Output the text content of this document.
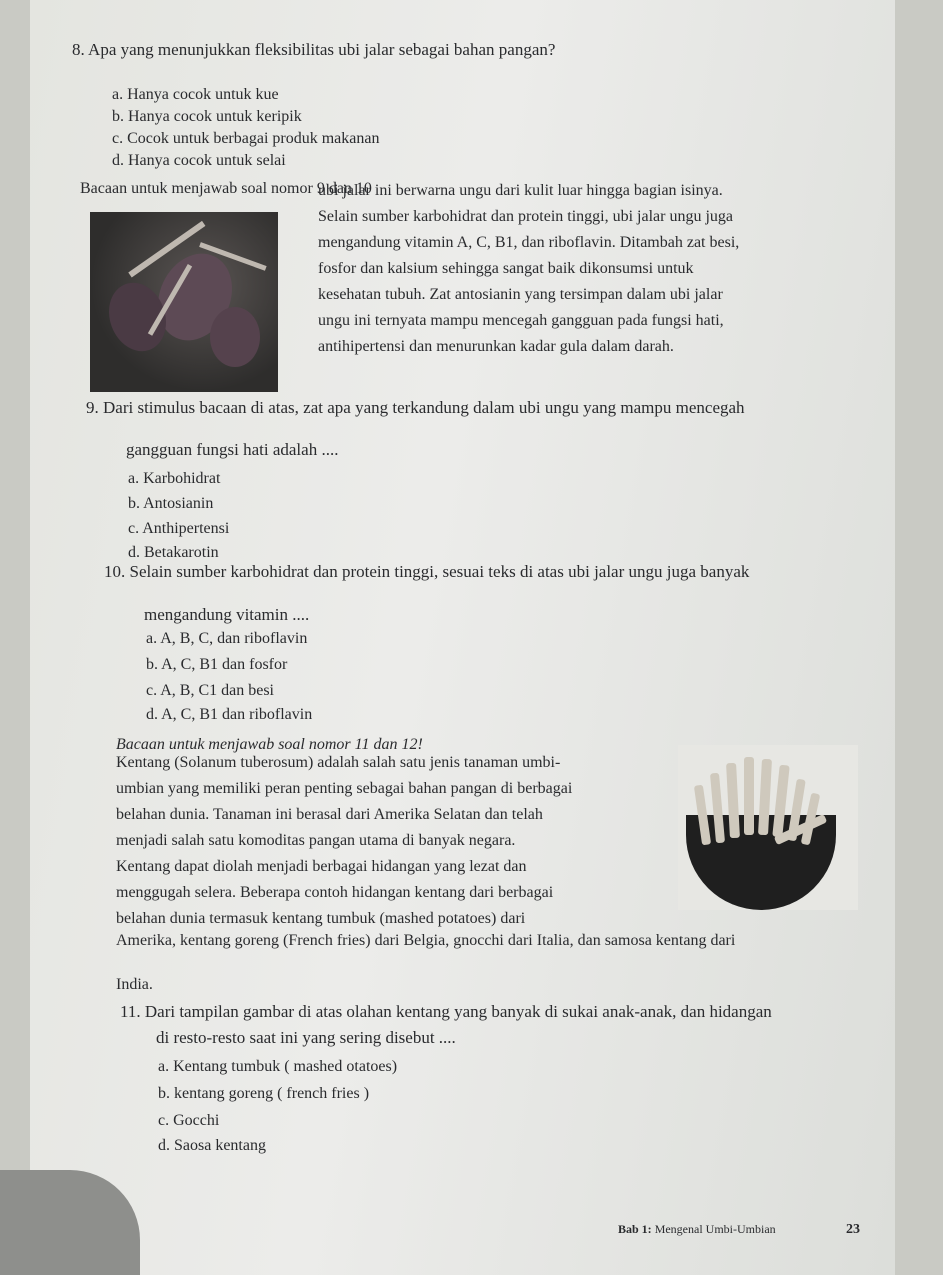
8. Apa yang menunjukkan fleksibilitas ubi jalar sebagai bahan pangan?
a. Hanya cocok untuk kue
b. Hanya cocok untuk keripik
c. Cocok untuk berbagai produk makanan
d. Hanya cocok untuk selai
Bacaan untuk menjawab soal nomor 9 dan 10
ubi jalar ini berwarna ungu dari kulit luar hingga bagian isinya.
Selain sumber karbohidrat dan protein tinggi, ubi jalar ungu juga
mengandung vitamin A, C, B1, dan riboflavin. Ditambah zat besi,
fosfor dan kalsium sehingga sangat baik dikonsumsi untuk
kesehatan tubuh. Zat antosianin yang tersimpan dalam ubi jalar
ungu ini ternyata mampu mencegah gangguan pada fungsi hati,
antihipertensi dan menurunkan kadar gula dalam darah.
9. Dari stimulus bacaan di atas, zat apa yang terkandung dalam ubi ungu yang mampu mencegah
gangguan fungsi hati adalah ....
a. Karbohidrat
b. Antosianin
c. Anthipertensi
d. Betakarotin
10. Selain sumber karbohidrat dan protein tinggi, sesuai teks di atas ubi jalar ungu juga banyak
mengandung vitamin ....
a. A, B, C, dan riboflavin
b. A, C, B1 dan fosfor
c. A, B, C1 dan besi
d. A, C, B1 dan riboflavin
Bacaan untuk menjawab soal nomor 11 dan 12!
Kentang (Solanum tuberosum) adalah salah satu jenis tanaman umbi-
umbian yang memiliki peran penting sebagai bahan pangan di berbagai
belahan dunia. Tanaman ini berasal dari Amerika Selatan dan telah
menjadi salah satu komoditas pangan utama di banyak negara.
Kentang dapat diolah menjadi berbagai hidangan yang lezat dan
menggugah selera. Beberapa contoh hidangan kentang dari berbagai
belahan dunia termasuk kentang tumbuk (mashed potatoes) dari
Amerika, kentang goreng (French fries) dari Belgia, gnocchi dari Italia, dan samosa kentang dari
India.
11. Dari tampilan gambar di atas olahan kentang yang banyak di sukai anak-anak, dan hidangan
di resto-resto saat ini yang sering disebut ....
a. Kentang tumbuk ( mashed otatoes)
b. kentang goreng ( french fries )
c. Gocchi
d. Saosa kentang
Bab 1: Mengenal Umbi-Umbian	23
